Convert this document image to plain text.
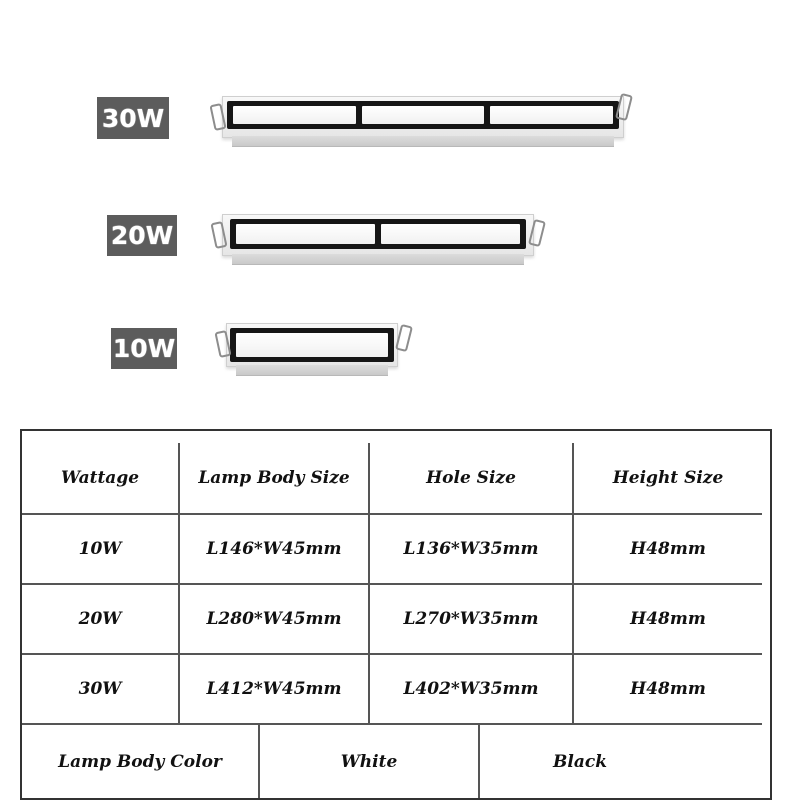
30W
20W
10W
Wattage	Lamp Body Size	Hole Size	Height Size
10W	L146*W45mm	L136*W35mm	H48mm
20W	L280*W45mm	L270*W35mm	H48mm
30W	L412*W45mm	L402*W35mm	H48mm
Lamp Body Color	White	Black
